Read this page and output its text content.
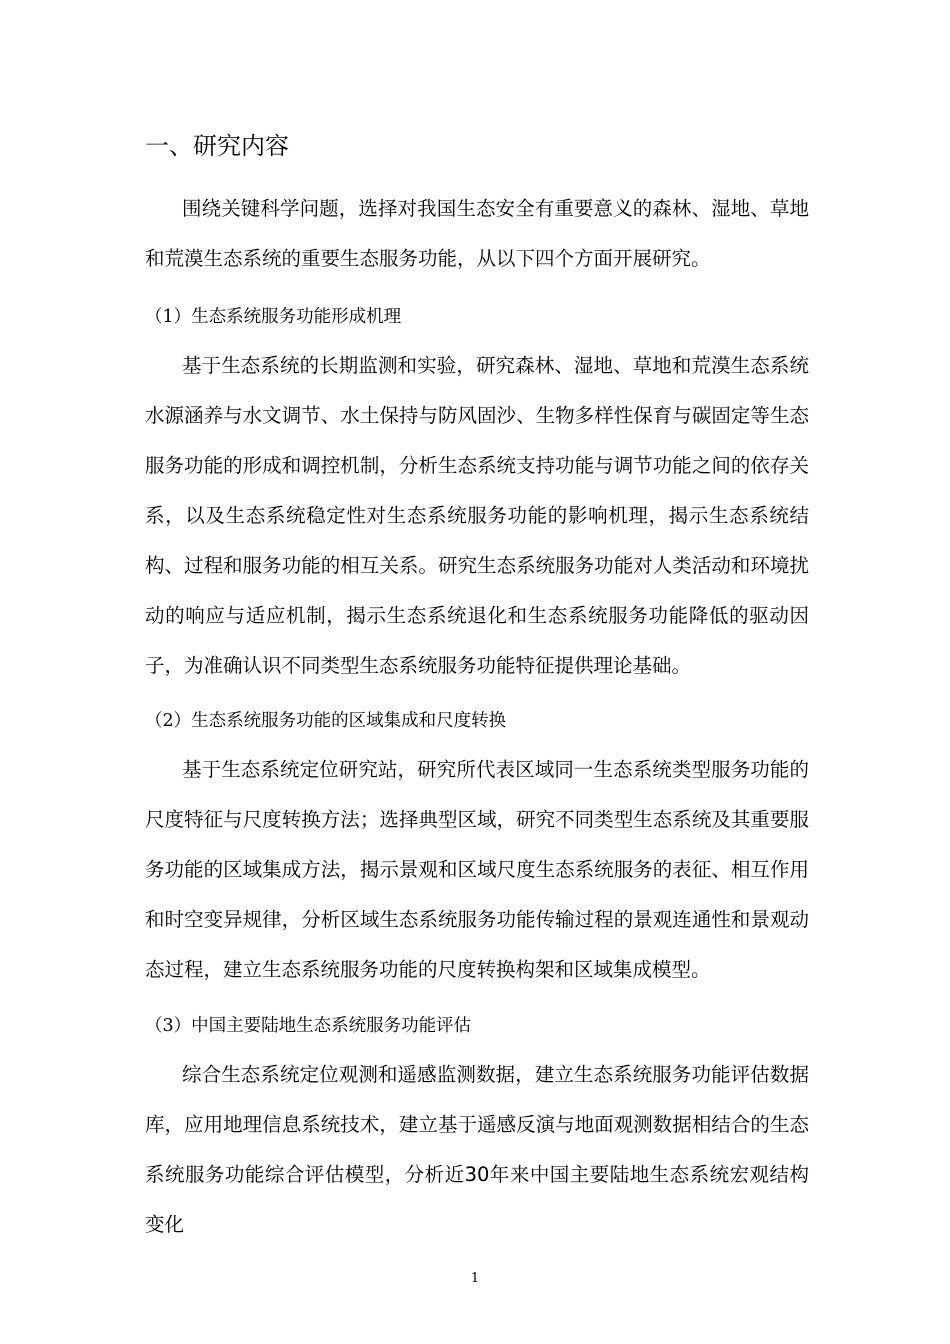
一、研究内容

围绕关键科学问题，选择对我国生态安全有重要意义的森林、湿地、草地和荒漠生态系统的重要生态服务功能，从以下四个方面开展研究。

（1）生态系统服务功能形成机理

基于生态系统的长期监测和实验，研究森林、湿地、草地和荒漠生态系统水源涵养与水文调节、水土保持与防风固沙、生物多样性保育与碳固定等生态服务功能的形成和调控机制，分析生态系统支持功能与调节功能之间的依存关系，以及生态系统稳定性对生态系统服务功能的影响机理，揭示生态系统结构、过程和服务功能的相互关系。研究生态系统服务功能对人类活动和环境扰动的响应与适应机制，揭示生态系统退化和生态系统服务功能降低的驱动因子，为准确认识不同类型生态系统服务功能特征提供理论基础。

（2）生态系统服务功能的区域集成和尺度转换

基于生态系统定位研究站，研究所代表区域同一生态系统类型服务功能的尺度特征与尺度转换方法；选择典型区域，研究不同类型生态系统及其重要服务功能的区域集成方法，揭示景观和区域尺度生态系统服务的表征、相互作用和时空变异规律，分析区域生态系统服务功能传输过程的景观连通性和景观动态过程，建立生态系统服务功能的尺度转换构架和区域集成模型。

（3）中国主要陆地生态系统服务功能评估

综合生态系统定位观测和遥感监测数据，建立生态系统服务功能评估数据库，应用地理信息系统技术，建立基于遥感反演与地面观测数据相结合的生态系统服务功能综合评估模型，分析近30年来中国主要陆地生态系统宏观结构变化

1
